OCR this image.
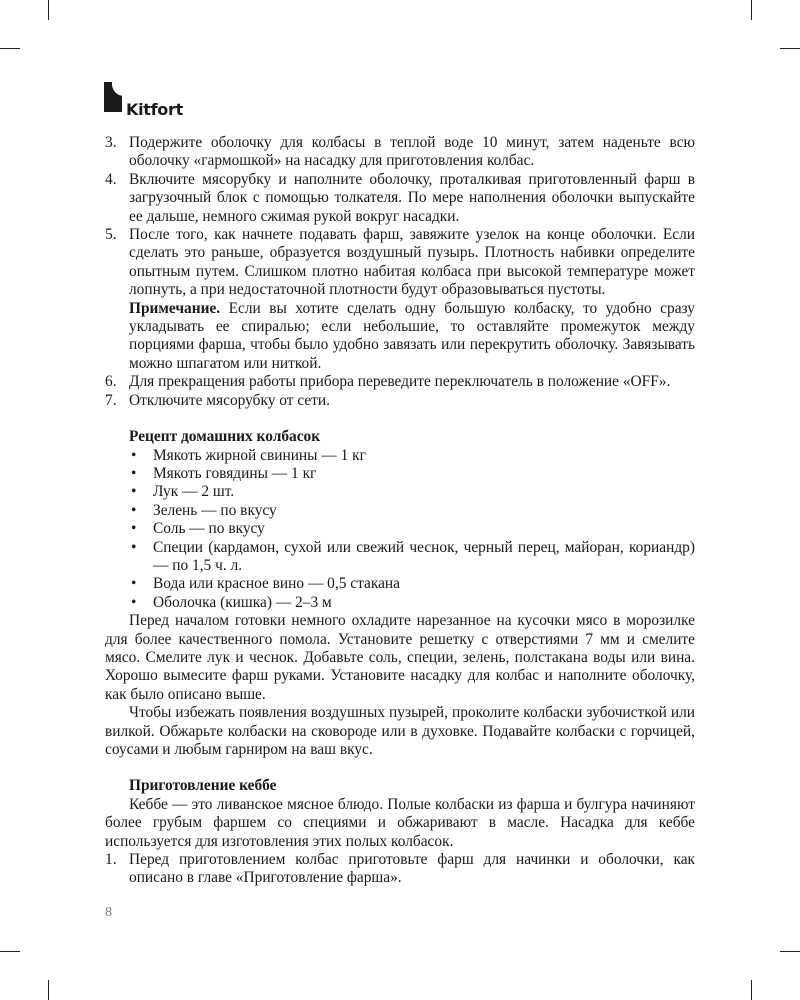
Kitfort
3. Подержите оболочку для колбасы в теплой воде 10 минут, затем наденьте всю оболочку «гармошкой» на насадку для приготовления колбас.
4. Включите мясорубку и наполните оболочку, проталкивая приготовленный фарш в загрузочный блок с помощью толкателя. По мере наполнения оболочки выпускайте ее дальше, немного сжимая рукой вокруг насадки.
5. После того, как начнете подавать фарш, завяжите узелок на конце оболочки. Если сделать это раньше, образуется воздушный пузырь. Плотность набивки определите опытным путем. Слишком плотно набитая колбаса при высокой температуре может лопнуть, а при недостаточной плотности будут образовываться пустоты.
Примечание. Если вы хотите сделать одну большую колбаску, то удобно сразу укладывать ее спиралью; если небольшие, то оставляйте промежуток между порциями фарша, чтобы было удобно завязать или перекрутить оболочку. Завязывать можно шпагатом или ниткой.
6. Для прекращения работы прибора переведите переключатель в положение «OFF».
7. Отключите мясорубку от сети.
Рецепт домашних колбасок
• Мякоть жирной свинины — 1 кг
• Мякоть говядины — 1 кг
• Лук — 2 шт.
• Зелень — по вкусу
• Соль — по вкусу
• Специи (кардамон, сухой или свежий чеснок, черный перец, майоран, кориандр) — по 1,5 ч. л.
• Вода или красное вино — 0,5 стакана
• Оболочка (кишка) — 2–3 м
Перед началом готовки немного охладите нарезанное на кусочки мясо в морозилке для более качественного помола. Установите решетку с отверстиями 7 мм и смелите мясо. Смелите лук и чеснок. Добавьте соль, специи, зелень, полстакана воды или вина. Хорошо вымесите фарш руками. Установите насадку для колбас и наполните оболочку, как было описано выше.
Чтобы избежать появления воздушных пузырей, проколите колбаски зубочисткой или вилкой. Обжарьте колбаски на сковороде или в духовке. Подавайте колбаски с горчицей, соусами и любым гарниром на ваш вкус.
Приготовление кеббе
Кеббе — это ливанское мясное блюдо. Полые колбаски из фарша и булгура начиняют более грубым фаршем со специями и обжаривают в масле. Насадка для кеббе используется для изготовления этих полых колбасок.
1. Перед приготовлением колбас приготовьте фарш для начинки и оболочки, как описано в главе «Приготовление фарша».
8
